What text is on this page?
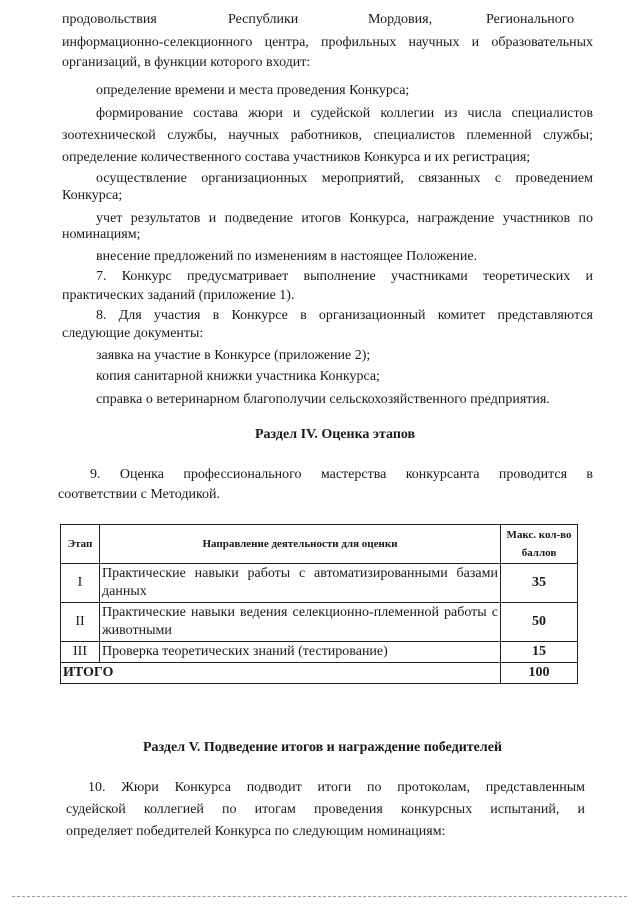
продовольствия	Республики	Мордовия,	Регионального

информационно-селекционного центра, профильных научных и образовательных

организаций, в функции которого входит:

определение времени и места проведения Конкурса;

формирование состава жюри и судейской коллегии из числа специалистов

зоотехнической службы, научных работников, специалистов племенной службы;

определение количественного состава участников Конкурса и их регистрация;

осуществление организационных мероприятий, связанных с проведением

Конкурса;

учет результатов и подведение итогов Конкурса, награждение участников по

номинациям;

внесение предложений по изменениям в настоящее Положение.

7. Конкурс предусматривает выполнение участниками теоретических и

практических заданий (приложение 1).

8. Для участия в Конкурсе в организационный комитет представляются

следующие документы:

заявка на участие в Конкурсе (приложение 2);

копия санитарной книжки участника Конкурса;

справка о ветеринарном благополучии сельскохозяйственного предприятия.

Раздел IV. Оценка этапов

9. Оценка профессионального мастерства конкурсанта проводится в

соответствии с Методикой.

Этап	Направление деятельности для оценки	Макс. кол-во баллов
I	Практические навыки работы с автоматизированными базами данных	35
II	Практические навыки ведения селекционно-племенной работы с животными	50
III	Проверка теоретических знаний (тестирование)	15
ИТОГО		100
Раздел V. Подведение итогов и награждение победителей

10. Жюри Конкурса подводит итоги по протоколам, представленным

судейской коллегией по итогам проведения конкурсных испытаний, и

определяет победителей Конкурса по следующим номинациям:
